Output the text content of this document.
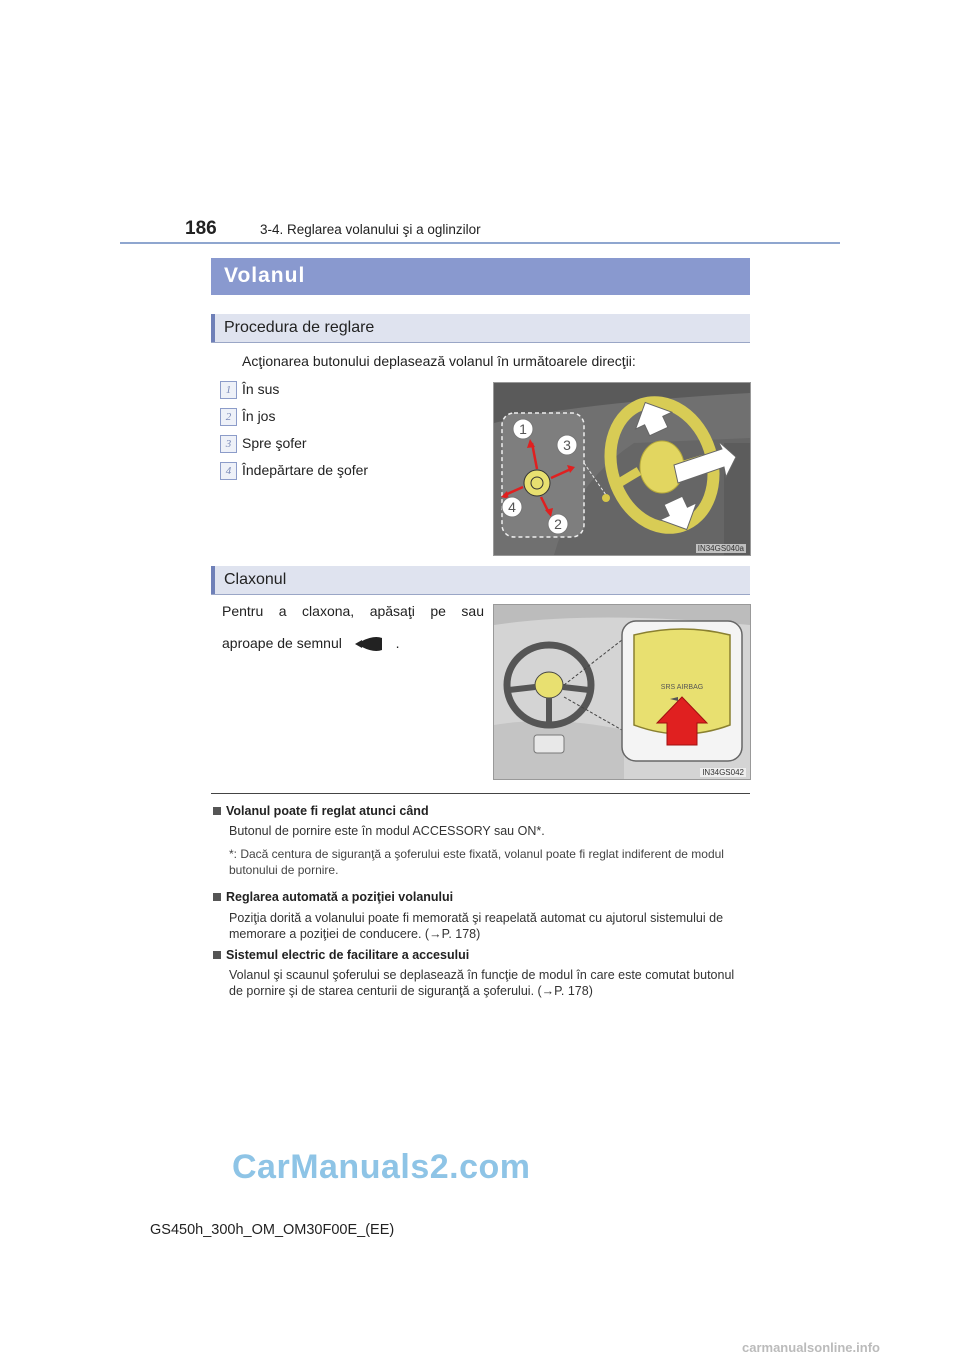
186	3-4. Reglarea volanului şi a oglinzilor
Volanul
Procedura de reglare
Acţionarea butonului deplasează volanul în următoarele direcţii:
1 În sus
2 În jos
3 Spre şofer
4 Îndepărtare de şofer
1
3
4
2
IN34GS040a
Claxonul
Pentru a claxona, apăsaţi pe sau
aproape de semnul	.
SRS AIRBAG
IN34GS042
Volanul poate fi reglat atunci când
Butonul de pornire este în modul ACCESSORY sau ON*.
*: Dacă centura de siguranţă a şoferului este fixată, volanul poate fi reglat indiferent de modul butonului de pornire.
Reglarea automată a poziţiei volanului
Poziţia dorită a volanului poate fi memorată şi reapelată automat cu ajutorul sistemului de memorare a poziţiei de conducere. (→P. 178)
Sistemul electric de facilitare a accesului
Volanul şi scaunul şoferului se deplasează în funcţie de modul în care este comutat butonul de pornire şi de starea centurii de siguranţă a şoferului. (→P. 178)
CarManuals2.com
GS450h_300h_OM_OM30F00E_(EE)
carmanualsonline.info
